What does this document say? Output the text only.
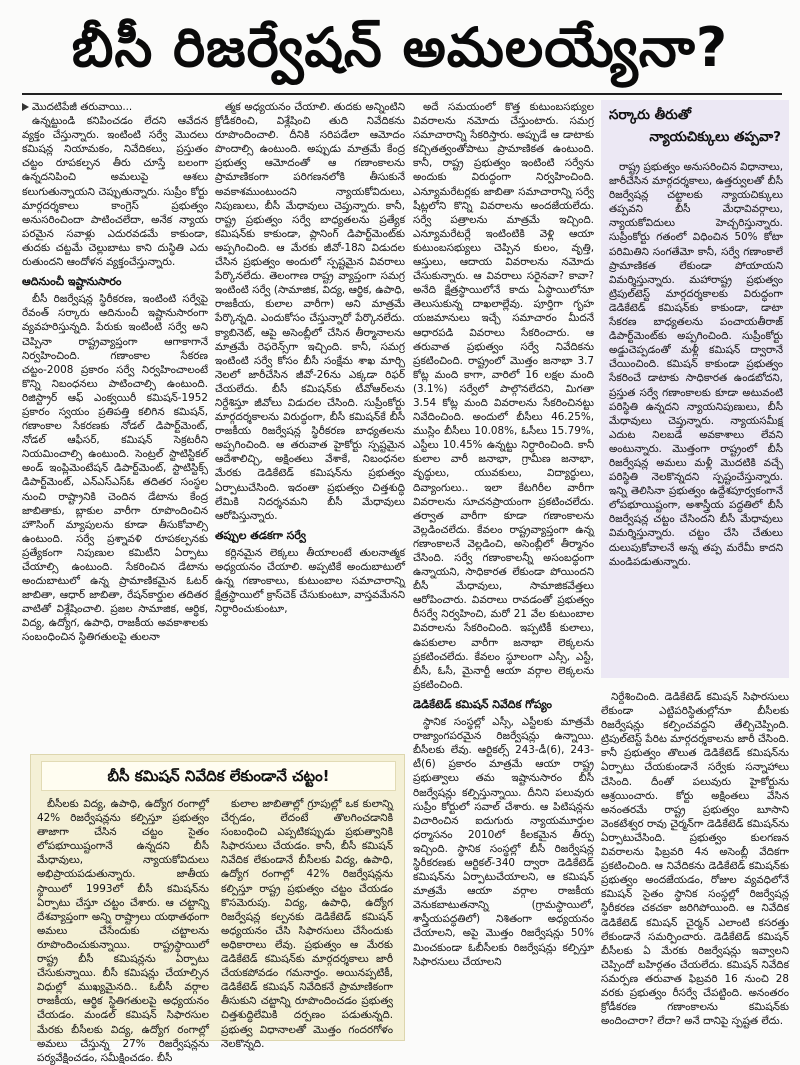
బీసీ రిజర్వేషన్ అమలయ్యేనా?
మొదటిపేజీ తరువాయి...

ఉన్నట్టుండి కనిపించడం లేదని ఆవేదన వ్యక్తం చేస్తున్నారు. ఇంటింటి సర్వే మొదలు కమిషన్ల నియామకం, నివేదికలు, ప్రస్తుతం చట్టం రూపకల్పన తీరు చూస్తే బలంగా ఉన్నదనిపించి అమలుపై ఆశలు కలుగుతున్నాయని చెప్పుతున్నారు. సుప్రీం కోర్టు మార్గదర్శకాలు కాంగ్రెస్ ప్రభుత్వం అనుసరించిందా పాటించలేదా, అనేక న్యాయ పరమైన సవాళ్లు ఎదురవడమే కాకుండా, తుదకు చట్టమే చెల్లుబాటు కాని దుస్థితి ఎదు రుతుందని ఆందోళన వ్యక్తంచేస్తున్నారు.

ఆదినుంచీ ఇష్టానుసారం

బీసీ రిజర్వేషన్ల స్థిరీకరణ, ఇంటింటి సర్వేపై రేవంత్ సర్కారు ఆదినుంచీ ఇష్టానుసారంగా వ్యవహరిస్తున్నది. పేరుకు ఇంటింటి సర్వే అని చెప్పినా రాష్ట్రవ్యాప్తంగా ఆగాకాగానే నిర్వహించింది. గణాంకాల సేకరణ చట్టం-2008 ప్రకారం సర్వే నిర్వహించాలంటే కొన్ని నిబంధనలు పాటించాల్సి ఉంటుంది. రిజిస్ట్రార్ ఆఫ్ ఎంక్వయిరీ కమిషన్-1952 ప్రకారం స్వయం ప్రతిపత్తి కలిగిన కమిషన్, గణాంకాల సేకరణకు నోడల్ డిపార్ట్‌మెంట్, నోడల్ ఆఫీసర్, కమిషన్ సెక్రటరీని నియమించాల్సి ఉంటుంది. సెంట్రల్ స్టాటిస్టికల్ అండ్ ఇంప్లిమెంటేషన్ డిపార్ట్‌మెంట్, స్టాటిస్టిక్స్ డిపార్ట్‌మెంట్, ఎన్ఎస్ఎస్ఓ తదితర సంస్థల నుంచి రాష్ట్రానికి చెందిన డేటాను కేంద్ర జాబితాకు, బ్లాకుల వారీగా రూపొందించిన హౌసింగ్ మ్యాపులను కూడా తీసుకోవాల్సి ఉంటుంది. సర్వే ప్రశ్నావళి రూపకల్పనకు ప్రత్యేకంగా నిపుణుల కమిటీని ఏర్పాటు చేయాల్సి ఉంటుంది. సేకరించిన డేటాను అందుబాటులో ఉన్న ప్రామాణికమైన ఓటర్ జాబితా, ఆధార్ జాబితా, రేషన్‌కార్డుల తదితర వాటితో విశ్లేషించాలి. ప్రజల సామాజిక, ఆర్థిక, విద్య, ఉద్యోగ, ఉపాధి, రాజకీయ అవకాశాలకు సంబంధించిన స్థితిగతులపై తులనా

త్మక అధ్యయనం చేయాలి. తుదకు అన్నింటిని క్రోడీకరించి, విశ్లేషించి తుది నివేదికను రూపొందించాలి. దీనికి సరిపడేలా ఆమోదం పొందాల్సి ఉంటుంది. అప్పుడు మాత్రమే కేంద్ర ప్రభుత్వ ఆమోదంతో ఆ గణాంకాలను ప్రామాణికంగా పరిగణనలోకి తీసుకునే అవకాశముంటుందని న్యాయకోవిదులు, నిపుణులు, బీసీ మేధావులు చెప్తున్నారు. కానీ, రాష్ట్ర ప్రభుత్వం సర్వే బాధ్యతలను ప్రత్యేక కమిషన్‌కు కాకుండా, ప్లానింగ్ డిపార్ట్‌మెంట్‌కు అప్పగించింది. ఆ మేరకు జీవో-18ని విడుదల చేసిన ప్రభుత్వం అందులో స్పష్టమైన వివరాలు పేర్కొనలేదు. తెలంగాణ రాష్ట్ర వ్యాప్తంగా సమగ్ర ఇంటింటి సర్వే (సామాజిక, విద్య, ఆర్థిక, ఉపాధి, రాజకీయ, కులాల వారీగా) అని మాత్రమే పేర్కొన్నది. ఎందుకోసం చేస్తున్నారో పేర్కొనలేదు. క్యాబినెట్, ఆపై అసెంబ్లీలో చేసిన తీర్మానాలను మాత్రమే రెఫరెన్స్‌గా ఇచ్చింది. కానీ, సమగ్ర ఇంటింటి సర్వే కోసం బీసీ సంక్షేమ శాఖ మార్చి నెలలో జారీచేసిన జీవో-26ను ఎక్కడా రిఫర్ చేయలేదు. బీసీ కమిషన్‌కు టీవోఆర్‌లను నిర్దేశిస్తూ జీవోలు విడుదల చేసింది. సుప్రీంకోర్టు మార్గదర్శకాలను విరుద్ధంగా, బీసీ కమిషన్‌కే బీసీ రాజకీయ రిజర్వేషన్ల స్థిరీకరణ బాధ్యతలను అప్పగించింది. ఆ తరువాత హైకోర్టు స్పష్టమైన ఆదేశాలిచ్చి, అక్షింతలు వేశాకే, నిబంధనల మేరకు డెడికేటెడ్ కమిషన్‌ను ప్రభుత్వం ఏర్పాటుచేసింది. ఇదంతా ప్రభుత్వం చిత్తశుద్ధి లేమికి నిదర్శనమని బీసీ మేధావులు ఆరోపిస్తున్నారు.

తప్పుల తడకగా సర్వే

కర్లినమైన లెక్కలు తీయాలంటే తులనాత్మక అధ్యయనం చేయాలి. అప్పటికే అందుబాటులో ఉన్న గణాంకాలు, కుటుంబాల సమాచారాన్ని క్షేత్రస్థాయిలో క్రాస్‌చెక్ చేసుకుంటూ, వాస్తవమేనని నిర్ధారించుకుంటూ,

అదే సమయంలో కొత్త కుటుంబసభ్యుల వివరాలను నమోదు చేస్తుంటారు. సమగ్ర సమాచారాన్ని సేకరిస్తారు. అప్పుడే ఆ డాటాకు కచ్చితత్వంతోపాటు ప్రామాణికత ఉంటుంది. కానీ, రాష్ట్ర ప్రభుత్వం ఇంటింటి సర్వేను అందుకు విరుద్ధంగా నిర్వహించింది. ఎన్యూమరేటర్లకు జాబితా సమాచారాన్ని సర్వే షీట్లలోని కొన్ని వివరాలను అందజేయలేదు. సర్వే పత్రాలను మాత్రమే ఇచ్చింది. ఎన్యూమరేటర్లే ఇంటింటికి వెళ్లి ఆయా కుటుంబసభ్యులు చెప్పిన కులం, వృత్తి, ఆస్తులు, ఆదాయ వివరాలను నమోదు చేసుకున్నారు. ఆ వివరాలు సరైనవా? కావా? అనేది క్షేత్రస్థాయిలోనే కాదు ఏస్థాయిలోనూ తెలుసుకున్న దాఖలాల్లేవు. పూర్తిగా గృహ యజమానులు ఇచ్చే సమాచారం మీదనే ఆధారపడి వివరాలు సేకరించారు. ఆ తరువాత ప్రభుత్వం సర్వే నివేదికను ప్రకటించింది. రాష్ట్రంలో మొత్తం జనాభా 3.7 కోట్ల మంది కాగా, వారిలో 16 లక్షల మంది (3.1%) సర్వేలో పాల్గొనలేదని, మిగతా 3.54 కోట్ల మంది వివరాలను సేకరించినట్టు నివేదించింది. అందులో బీసీలు 46.25%, ముస్లిం బీసీలు 10.08%, ఓసీలు 15.79%, ఎస్టీలు 10.45% ఉన్నట్టు నిర్ధారించింది. కానీ కులాల వారీ జనాభా, గ్రామీణ జనాభా, వృద్ధులు, యువకులు, విద్యార్థులు, దివ్యాంగులు.. ఇలా కేటగిరీల వారీగా వివరాలను సూచనప్రాయంగా ప్రకటించలేదు. తర్వాత వారీగా కూడా గణాంకాలను వెల్లడించలేదు. కేవలం రాష్ట్రవ్యాప్తంగా ఉన్న గణాంకాలనే వెల్లడించి, అసెంబ్లీలో తీర్మానం చేసింది. సర్వే గణాంకాలన్నీ అసంబద్ధంగా ఉన్నాయని, సాధికారత లేకుండా పోయిందని బీసీ మేధావులు, సామాజికవేత్తలు ఆరోపించారు. వివరాలు రావడంతో ప్రభుత్వం రీసర్వే నిర్వహించి, మరో 21 వేల కుటుంబాల వివరాలను సేకరించింది. ఇప్పటికీ కులాలు, ఉపకులాల వారీగా జనాభా లెక్కలను ప్రకటించలేదు. కేవలం స్థూలంగా ఎస్సీ, ఎస్టీ, బీసీ, ఓసీ, మైనార్టీ ఆయా వర్గాల లెక్కలను ప్రకటించింది.

డెడికేటెడ్ కమిషన్ నివేదిక గోప్యం

స్థానిక సంస్థల్లో ఎస్సీ, ఎస్టీలకు మాత్రమే రాజ్యాంగపరమైన రిజర్వేషన్లు ఉన్నాయి. బీసీలకు లేవు. ఆర్టికల్స్ 243-డీ(6), 243-టీ(6) ప్రకారం మాత్రమే ఆయా రాష్ట్ర ప్రభుత్వాలు తమ ఇష్టానుసారం బీసీ రిజర్వేషన్లు కల్పిస్తున్నాయి. దీనిని పలువురు సుప్రీం కోర్టులో సవాల్ చేశారు. ఆ పిటిషన్లను విచారించిన ఐదుగురు న్యాయమూర్తుల ధర్మాసనం 2010లో కీలకమైన తీర్పు ఇచ్చింది. స్థానిక సంస్థల్లో బీసీ రిజర్వేషన్ల స్థిరీకరణకు ఆర్టికల్-340 ద్వారా డెడికేటెడ్ కమిషన్‌ను ఏర్పాటుచేయాలని, ఆ కమిషన్ మాత్రమే ఆయా వర్గాల రాజకీయ వెనుకబాటుతనాన్ని (గ్రామస్థాయిలో, శాస్త్రీయపద్ధతిలో) నిశితంగా అధ్యయనం చేయాలని, అపై మొత్తం రిజర్వేషన్లు 50% మించకుండా ఓబీసీలకు రిజర్వేషన్లు కల్పిస్తూ సిఫారసులు చేయాలని

సర్కారు తీరుతో
న్యాయచిక్కులు తప్పవా?

రాష్ట్ర ప్రభుత్వం అనుసరించిన విధానాలు, జారీచేసిన మార్గదర్శకాలు, ఉత్తర్వులతో బీసీ రిజర్వేషన్ల చట్టాలకు న్యాయచిక్కులు తప్పవని బీసీ మేధావివర్గాలు, న్యాయకోవిదులు హెచ్చరిస్తున్నారు. సుప్రీంకోర్టు గతంలో విధించిన 50% కోటా పరిమితిని సంగతేమో కానీ, సర్వే గణాంకాలే ప్రామాణికత లేకుండా పోయాయని విమర్శిస్తున్నారు. మహారాష్ట్ర ప్రభుత్వం ట్రిపుల్‌టెస్ట్ మార్గదర్శకాలకు విరుద్ధంగా డెడికేటెడ్ కమిషన్‌కు కాకుండా, డాటా సేకరణ బాధ్యతలను పంచాయతీరాజ్ డిపార్ట్‌మెంట్‌కు అప్పగించింది. సుప్రీంకోర్టు అడ్డుచెప్పడంతో మళ్లీ కమిషన్ ద్వారానే చేయించింది. కమిషన్ కాకుండా ప్రభుత్వం సేకరించే డాటాకు సాధికారత ఉండబోదని, ప్రస్తుత సర్వే గణాంకాలకు కూడా అటువంటి పరిస్థితి ఉన్నదని న్యాయనిపుణులు, బీసీ మేధావులు చెప్తున్నారు. న్యాయసమీక్ష ఎదుట నిలబడే అవకాశాలు లేవని అంటున్నారు. మొత్తంగా రాష్ట్రంలో బీసీ రిజర్వేషన్ల అమలు మళ్లీ మొదటికి వచ్చే పరిస్థితి నెలకొన్నదని స్పష్టంచేస్తున్నారు. ఇన్ని తెలిసినా ప్రభుత్వం ఉద్దేశపూర్వకంగానే లోపభూయిష్టంగా, అశాస్త్రీయ పద్ధతిలో బీసీ రిజర్వేషన్ల చట్టం చేసిందని బీసీ మేధావులు విమర్శిస్తున్నారు. చట్టం చేసి చేతులు దులుపుకోవాలనే అన్న తప్ప మరేమీ కాదని మండిపడుతున్నారు.

నిర్దేశించింది. డెడికేటెడ్ కమిషన్ సిఫారసులు లేకుండా ఎట్టిపరిస్థితుల్లోనూ బీసీలకు రిజర్వేషన్లు కల్పించవద్దని తేల్చిచెప్పింది. ట్రిపుల్‌టెస్ట్ పేరిట మార్గదర్శకాలను జారీ చేసింది. కానీ ప్రభుత్వం తొలుత డెడికేటెడ్ కమిషన్‌ను ఏర్పాటు చేయకుండానే సర్వేకు సన్నాహాలు చేసింది. దీంతో పలువురు హైకోర్టును ఆశ్రయించారు. కోర్టు అక్షింతలు వేసిన అనంతరమే రాష్ట్ర ప్రభుత్వం బూసాని వెంకటేశ్వర రావు చైర్మన్‌గా డెడికేటెడ్ కమిషన్‌ను ఏర్పాటుచేసింది. ప్రభుత్వం కులగణన వివరాలను ఫిబ్రవరి 4న అసెంబ్లీ వేదికగా ప్రకటించింది. ఆ నివేదికను డెడికేటెడ్ కమిషన్‌కు ప్రభుత్వం అందజేయడం, రోజుల వ్యవధిలోనే కమిషన్ సైతం స్థానిక సంస్థల్లో రిజర్వేషన్ల స్థిరీకరణ చకచకా జరిగిపోయింది. ఆ నివేదిక డెడికేటెడ్ కమిషన్ చైర్మన్ ఎలాంటి కసరత్తు లేకుండానే సమర్పించారు. డెడికేటెడ్ కమిషన్ బీసీలకు ఏ మేరకు రిజర్వేషన్లు ఇవ్వాలని చెప్పిందో బహిర్గతం చేయలేదు. కమిషన్ నివేదిక సమర్పణ తరువాత ఫిబ్రవరి 16 నుంచి 28 వరకు ప్రభుత్వం రీసర్వే చేపట్టింది. అనంతరం క్రోడీకరణ గణాంకాలను కమిషన్‌కు అందించారా? లేదా? అనే దానిపై స్పష్టత లేదు.

బీసీ కమిషన్ నివేదిక లేకుండానే చట్టం!

బీసీలకు విద్య, ఉపాధి, ఉద్యోగ రంగాల్లో 42% రిజర్వేషన్లను కల్పిస్తూ ప్రభుత్వం తాజాగా చేసిన చట్టం సైతం లోపభూయిష్టంగానే ఉన్నదని బీసీ మేధావులు, న్యాయకోవిదులు అభిప్రాయపడుతున్నారు. జాతీయ స్థాయిలో 1993లో బీసీ కమిషన్‌ను ఏర్పాటు చేస్తూ చట్టం చేశారు. ఆ చట్టాన్ని దేశవ్యాప్తంగా అన్ని రాష్ట్రాలు యథాతథంగా అమలు చేసేందుకు చట్టాలను రూపొందించుకున్నాయి. రాష్ట్రస్థాయిలో రాష్ట్ర బీసీ కమిషన్లను ఏర్పాటు చేసుకున్నాయి. బీసీ కమిషన్లు చేయాల్సిన విధుల్లో ముఖ్యమైనది.. ఓబీసీ వర్గాల రాజకీయ, ఆర్థిక స్థితిగతులపై అధ్యయనం చేయడం. మండల్ కమిషన్ సిఫారసుల మేరకు బీసీలకు విద్య, ఉద్యోగ రంగాల్లో అమలు చేస్తున్న 27% రిజర్వేషన్లను పర్యవేక్షించడం, సమీక్షించడం. బీసీ

కులాల జాబితాల్లో గ్రూపుల్లో ఒక కులాన్ని చేర్చడం, లేదంటే తొలగించడానికి సంబంధించి ఎప్పటికప్పుడు ప్రభుత్వానికి సిఫారసులు చేయడం. కానీ, బీసీ కమిషన్ నివేదిక లేకుండానే బీసీలకు విద్య, ఉపాధి, ఉద్యోగ రంగాల్లో 42% రిజర్వేషన్లను కల్పిస్తూ రాష్ట్ర ప్రభుత్వం చట్టం చేయడం కొసమెరుపు. విద్య, ఉపాధి, ఉద్యోగ రిజర్వేషన్ల కల్పనకు డెడికేటెడ్ కమిషన్ అధ్యయనం చేసి సిఫారసులు చేసేందుకు అధికారాలు లేవు. ప్రభుత్వం ఆ మేరకు డెడికేటెడ్ కమిషన్‌కు మార్గదర్శకాలు జారీ చేయకపోవడం గమనార్హం. అయినప్పటికీ, డెడికేటెడ్ కమిషన్ నివేదికనే ప్రామాణికంగా తీసుకుని చట్టాన్ని రూపొందించడం ప్రభుత్వ చిత్తశుద్ధిలేమికి దర్పణం పడుతున్నది. ప్రభుత్వ విధానాలతో మొత్తం గందరగోళం నెలకొన్నది.
